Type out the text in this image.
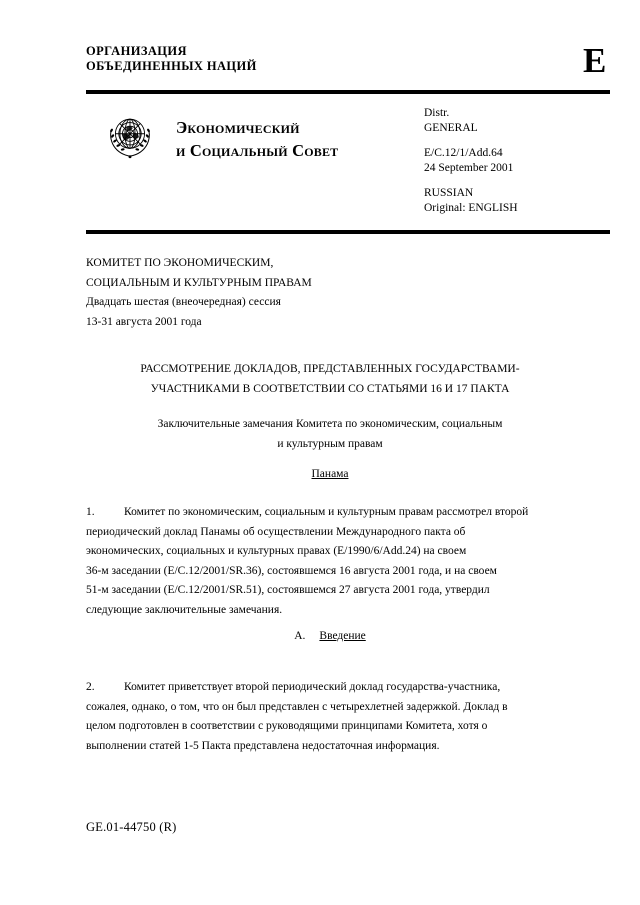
ОРГАНИЗАЦИЯ
ОБЪЕДИНЕННЫХ НАЦИЙ	E
Экономический
и Социальный Совет
Distr.
GENERAL
E/C.12/1/Add.64
24 September 2001
RUSSIAN
Original: ENGLISH
КОМИТЕТ ПО ЭКОНОМИЧЕСКИМ,
СОЦИАЛЬНЫМ И КУЛЬТУРНЫМ ПРАВАМ
Двадцать шестая (внеочередная) сессия
13-31 августа 2001 года
РАССМОТРЕНИЕ ДОКЛАДОВ, ПРЕДСТАВЛЕННЫХ ГОСУДАРСТВАМИ-
УЧАСТНИКАМИ В СООТВЕТСТВИИ СО СТАТЬЯМИ 16 И 17 ПАКТА
Заключительные замечания Комитета по экономическим, социальным
и культурным правам
Панама
1.	Комитет по экономическим, социальным и культурным правам рассмотрел второй
периодический доклад Панамы об осуществлении Международного пакта об
экономических, социальных и культурных правах (E/1990/6/Add.24) на своем
36-м заседании (E/C.12/2001/SR.36), состоявшемся 16 августа 2001 года, и на своем
51-м заседании (E/C.12/2001/SR.51), состоявшемся 27 августа 2001 года, утвердил
следующие заключительные замечания.
A. Введение
2.	Комитет приветствует второй периодический доклад государства-участника,
сожалея, однако, о том, что он был представлен с четырехлетней задержкой. Доклад в
целом подготовлен в соответствии с руководящими принципами Комитета, хотя о
выполнении статей 1-5 Пакта представлена недостаточная информация.
GE.01-44750 (R)
